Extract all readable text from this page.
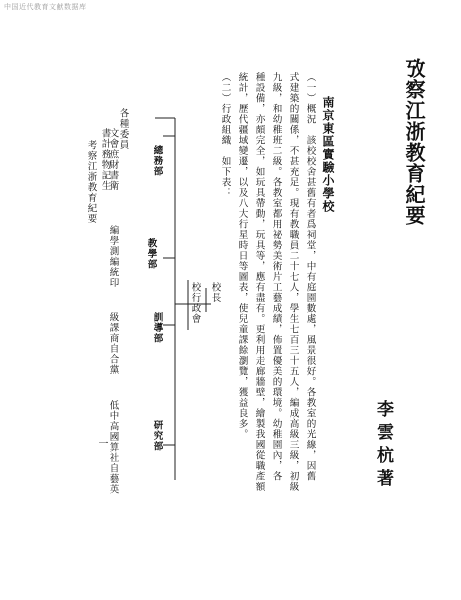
中国近代教育文献数据库
攷察江浙教育紀要
李雲杭著
南京東區實驗小學校
（一）概況　該校校舍甚舊有者爲祠堂，中有庭園數處，風景很好。各教室的光線，因舊
式建築的關係，不甚充足。現有教職員二十七人，學生七百三十五人，編成高級三級，初級
九級，和幼稚班二級。各教室都用祕勢美術片工藝成績，佈置優美的環境。幼稚園內，各
種設備，亦頗完全，如玩具帶動，玩具等，應有盡有。更利用走廊牆壁，繪製我國從職產額
統計，歷代疆域變遷，以及八大行星時日等圖表，使兒童課餘瀏覽，獲益良多。
（二）行政組織　如下表：
校長
校行政會
總務部
教學部
訓導部
研究部
各種委員
文會庶財書衛
書計務物記生
考察江浙教育紀要
編學測編統印
級課商自合黨
低中高國算社自藝英
一
